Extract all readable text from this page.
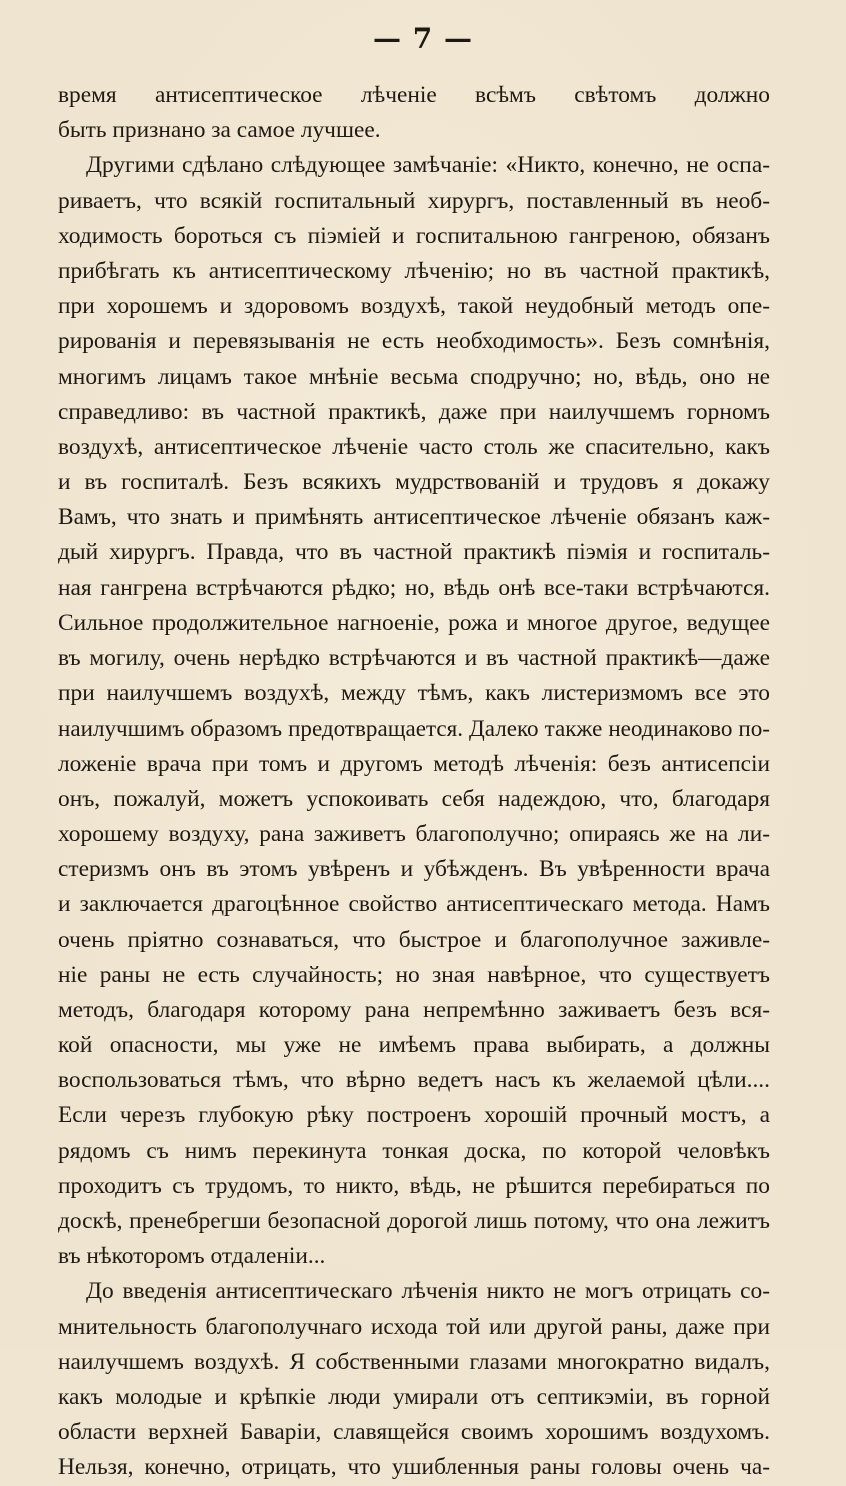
— 7 —
время антисептическое лѣченіе всѣмъ свѣтомъ должно
быть признано за самое лучшее.
Другими сдѣлано слѣдующее замѣчаніе: «Никто, конечно, не оспа-
риваетъ, что всякій госпитальный хирургъ, поставленный въ необ-
ходимость бороться съ піэміей и госпитальною гангреною, обязанъ
прибѣгать къ антисептическому лѣченію; но въ частной практикѣ,
при хорошемъ и здоровомъ воздухѣ, такой неудобный методъ опе-
рированія и перевязыванія не есть необходимость». Безъ сомнѣнія,
многимъ лицамъ такое мнѣніе весьма сподручно; но, вѣдь, оно не
справедливо: въ частной практикѣ, даже при наилучшемъ горномъ
воздухѣ, антисептическое лѣченіе часто столь же спасительно, какъ
и въ госпиталѣ. Безъ всякихъ мудрствованій и трудовъ я докажу
Вамъ, что знать и примѣнять антисептическое лѣченіе обязанъ каж-
дый хирургъ. Правда, что въ частной практикѣ піэмія и госпиталь-
ная гангрена встрѣчаются рѣдко; но, вѣдь онѣ все-таки встрѣчаются.
Сильное продолжительное нагноеніе, рожа и многое другое, ведущее
въ могилу, очень нерѣдко встрѣчаются и въ частной практикѣ—даже
при наилучшемъ воздухѣ, между тѣмъ, какъ листеризмомъ все это
наилучшимъ образомъ предотвращается. Далеко также неодинаково по-
ложеніе врача при томъ и другомъ методѣ лѣченія: безъ антисепсіи
онъ, пожалуй, можетъ успокоивать себя надеждою, что, благодаря
хорошему воздуху, рана заживетъ благополучно; опираясь же на ли-
стеризмъ онъ въ этомъ увѣренъ и убѣжденъ. Въ увѣренности врача
и заключается драгоцѣнное свойство антисептическаго метода. Намъ
очень пріятно сознаваться, что быстрое и благополучное заживле-
ніе раны не есть случайность; но зная навѣрное, что существуетъ
методъ, благодаря которому рана непремѣнно заживаетъ безъ вся-
кой опасности, мы уже не имѣемъ права выбирать, а должны
воспользоваться тѣмъ, что вѣрно ведетъ насъ къ желаемой цѣли....
Если черезъ глубокую рѣку построенъ хорошій прочный мостъ, а
рядомъ съ нимъ перекинута тонкая доска, по которой человѣкъ
проходитъ съ трудомъ, то никто, вѣдь, не рѣшится перебираться по
доскѣ, пренебрегши безопасной дорогой лишь потому, что она лежитъ
въ нѣкоторомъ отдаленіи...
До введенія антисептическаго лѣченія никто не могъ отрицать со-
мнительность благополучнаго исхода той или другой раны, даже при
наилучшемъ воздухѣ. Я собственными глазами многократно видалъ,
какъ молодые и крѣпкіе люди умирали отъ септикэміи, въ горной
области верхней Баваріи, славящейся своимъ хорошимъ воздухомъ.
Нельзя, конечно, отрицать, что ушибленныя раны головы очень ча-
